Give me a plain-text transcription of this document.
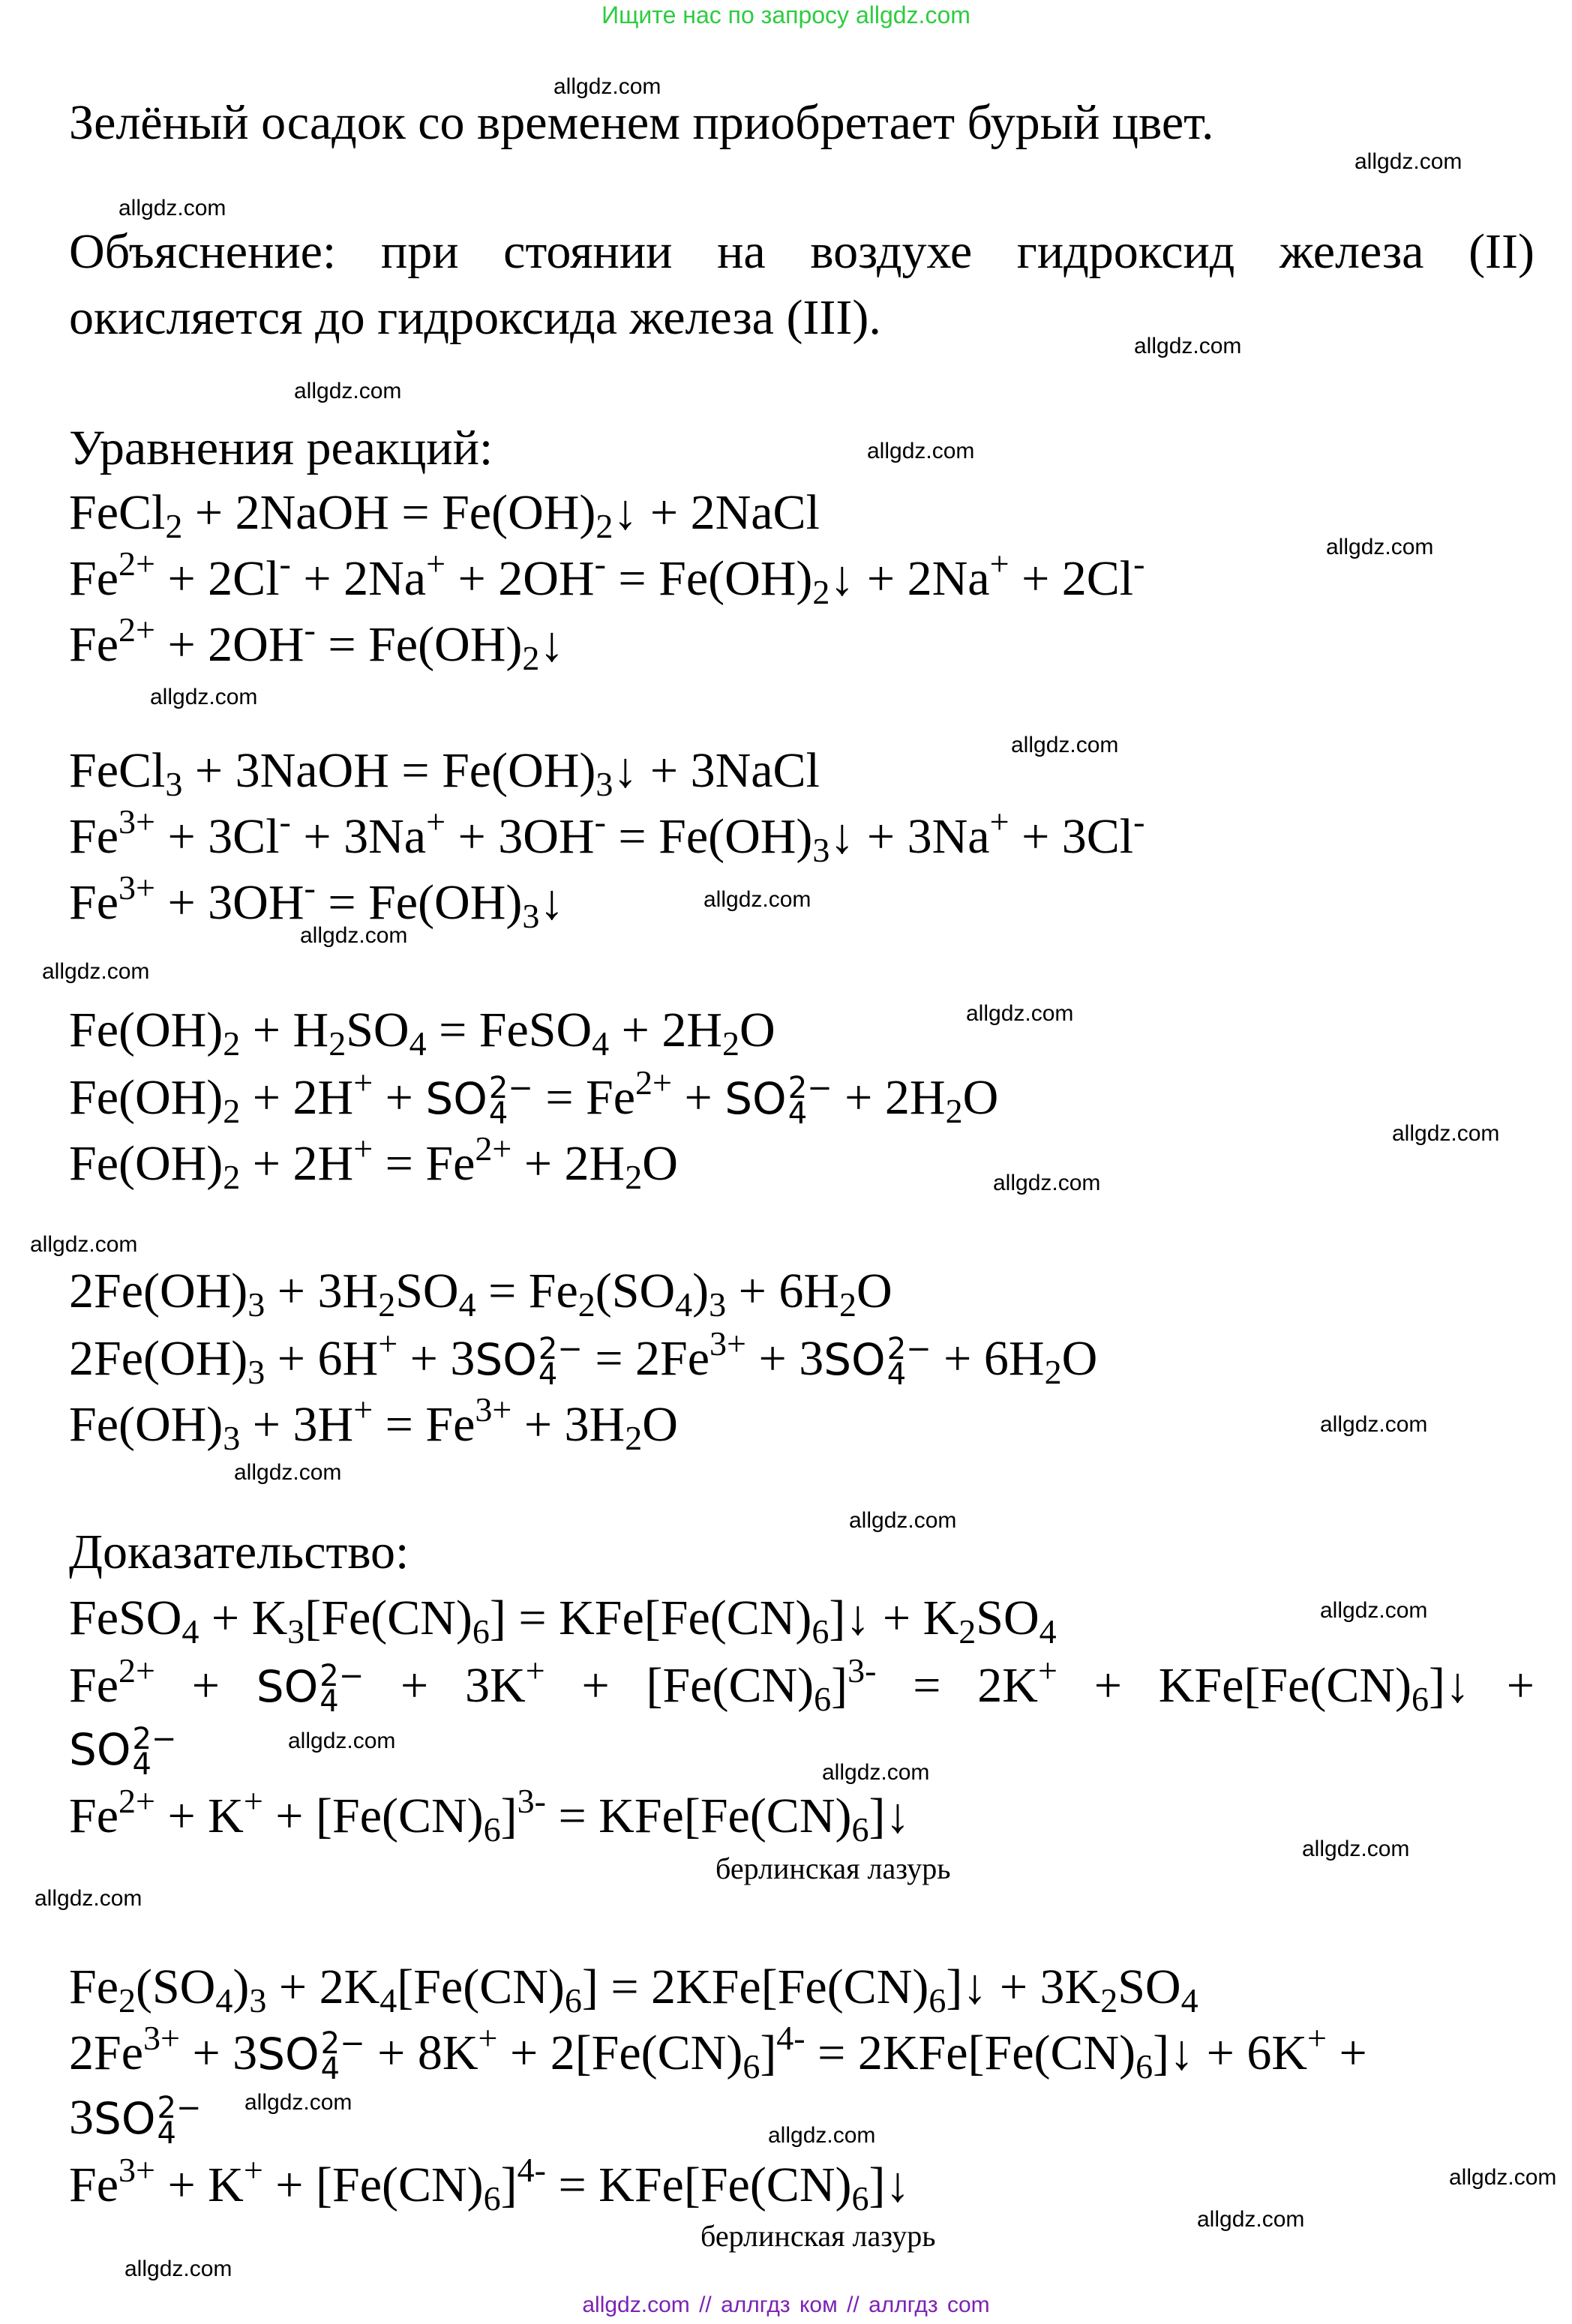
Ищите нас по запросу allgdz.com
allgdz.com
allgdz.com
allgdz.com
allgdz.com
allgdz.com
allgdz.com
allgdz.com
allgdz.com
allgdz.com
allgdz.com
allgdz.com
allgdz.com
allgdz.com
allgdz.com
allgdz.com
allgdz.com
allgdz.com
allgdz.com
allgdz.com
allgdz.com
allgdz.com
allgdz.com
allgdz.com
allgdz.com
allgdz.com
allgdz.com
allgdz.com
allgdz.com
allgdz.com
Зелёный осадок со временем приобретает бурый цвет.
Объяснение: при стоянии на воздухе гидроксид железа (II)
окисляется до гидроксида железа (III).
Уравнения реакций:
FeCl$_2$ + 2NaOH = $Fe(OH)_2↓$ + 2NaCl
$Fe^{2+} + 2Cl^- + 2Na^+ + 2OH^-$ = $Fe(OH)_2↓ + 2Na^+ + 2Cl^-$
$Fe^{2+} + 2OH^-$ = $Fe(OH)_2↓$
FeCl$_3$ + 3NaOH = $Fe(OH)_3↓$ + 3NaCl
$Fe^{3+} + 3Cl^- + 3Na^+ + 3OH^-$ = $Fe(OH)_3↓ + 3Na^+ + 3Cl^-$
$Fe^{3+} + 3OH^-$ = $Fe(OH)_3↓$
$Fe(OH)_2 + H_2SO_4$ = FeSO$_4$ + $2H_2O$
$Fe(OH)_2 + 2H^+$ + SO 2−
$4 = Fe^{2+}$ + SO 2−
$4 + 2H_2O$
$Fe(OH)_2 + 2H^+ = Fe^{2+} + 2H_2O$
$2Fe(OH)_3 + 3H_2SO_4 = Fe_2(SO_4)_3 + 6H_2O$
$2Fe(OH)_3 + 6H^+ + 3SO$ 2−
$4 = 2Fe^{3+} + 3SO$ 2−
$4 + 6H_2O$
$Fe(OH)_3 + 3H^+ = Fe^{3+} + 3H_2O$
Доказательство:
FeSO$_4$ + $K_3[Fe(CN)_6]$ = $KFe[Fe(CN)_6]↓ + K_2SO_4$
$Fe^{2+}$ + SO 2−
$4 + 3K^+ + [Fe(CN)_6]^{3-} = 2K^+$ + $KFe[Fe(CN)_6]↓$ +
SO 2−
4
$Fe^{2+} + K^+ + [Fe(CN)_6]^{3-}$ = $KFe[Fe(CN)_6]↓$
берлинская лазурь
$Fe_2(SO_4)_3 + 2K_4[Fe(CN)_6]$ = $2KFe[Fe(CN)_6]↓ + 3K_2SO_4$
$2Fe^{3+} + 3SO$ 2−
$4 + 8K^+ + 2[Fe(CN)_6]^{4-}$ = $2KFe[Fe(CN)_6]↓ + 6K^+$ +
3SO 2−
4
$Fe^{3+} + K^+ + [Fe(CN)_6]^{4-}$ = $KFe[Fe(CN)_6]↓$
берлинская лазурь
allgdz.com // аллгдз ком // аллгдз com
